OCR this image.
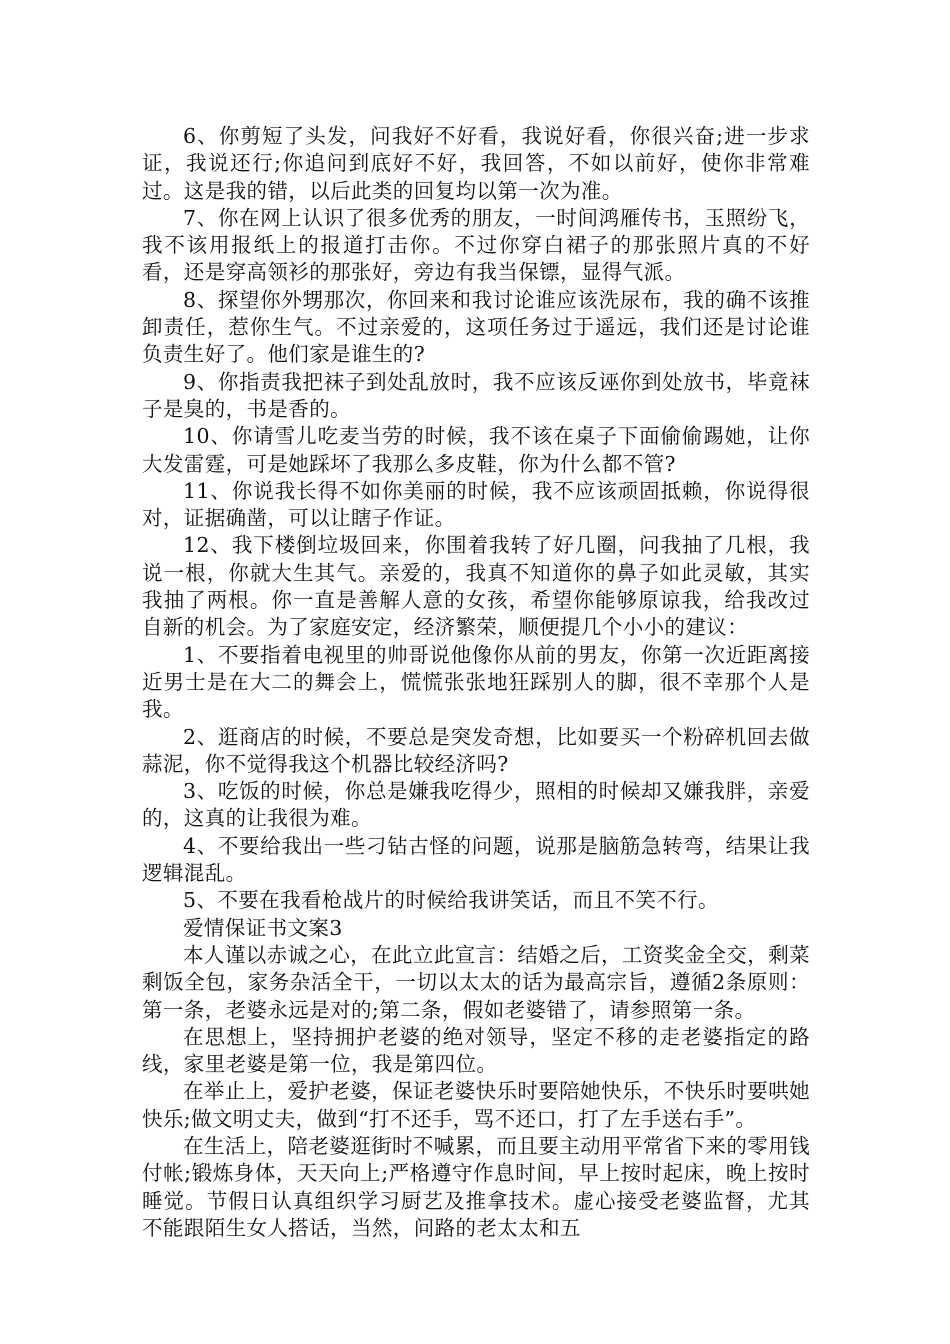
6、你剪短了头发，问我好不好看，我说好看，你很兴奋;进一步求证，我说还行;你追问到底好不好，我回答，不如以前好，使你非常难过。这是我的错，以后此类的回复均以第一次为准。

7、你在网上认识了很多优秀的朋友，一时间鸿雁传书，玉照纷飞，我不该用报纸上的报道打击你。不过你穿白裙子的那张照片真的不好看，还是穿高领衫的那张好，旁边有我当保镖，显得气派。

8、探望你外甥那次，你回来和我讨论谁应该洗尿布，我的确不该推卸责任，惹你生气。不过亲爱的，这项任务过于遥远，我们还是讨论谁负责生好了。他们家是谁生的?

9、你指责我把袜子到处乱放时，我不应该反诬你到处放书，毕竟袜子是臭的，书是香的。

10、你请雪儿吃麦当劳的时候，我不该在桌子下面偷偷踢她，让你大发雷霆，可是她踩坏了我那么多皮鞋，你为什么都不管?

11、你说我长得不如你美丽的时候，我不应该顽固抵赖，你说得很对，证据确凿，可以让瞎子作证。

12、我下楼倒垃圾回来，你围着我转了好几圈，问我抽了几根，我说一根，你就大生其气。亲爱的，我真不知道你的鼻子如此灵敏，其实我抽了两根。你一直是善解人意的女孩，希望你能够原谅我，给我改过自新的机会。为了家庭安定，经济繁荣，顺便提几个小小的建议：

1、不要指着电视里的帅哥说他像你从前的男友，你第一次近距离接近男士是在大二的舞会上，慌慌张张地狂踩别人的脚，很不幸那个人是我。

2、逛商店的时候，不要总是突发奇想，比如要买一个粉碎机回去做蒜泥，你不觉得我这个机器比较经济吗?

3、吃饭的时候，你总是嫌我吃得少，照相的时候却又嫌我胖，亲爱的，这真的让我很为难。

4、不要给我出一些刁钻古怪的问题，说那是脑筋急转弯，结果让我逻辑混乱。

5、不要在我看枪战片的时候给我讲笑话，而且不笑不行。

爱情保证书文案3

本人谨以赤诚之心，在此立此宣言：结婚之后，工资奖金全交，剩菜剩饭全包，家务杂活全干，一切以太太的话为最高宗旨，遵循2条原则：第一条，老婆永远是对的;第二条，假如老婆错了，请参照第一条。

在思想上，坚持拥护老婆的绝对领导，坚定不移的走老婆指定的路线，家里老婆是第一位，我是第四位。

在举止上，爱护老婆，保证老婆快乐时要陪她快乐，不快乐时要哄她快乐;做文明丈夫，做到“打不还手，骂不还口，打了左手送右手”。

在生活上，陪老婆逛街时不喊累，而且要主动用平常省下来的零用钱付帐;锻炼身体，天天向上;严格遵守作息时间，早上按时起床，晚上按时睡觉。节假日认真组织学习厨艺及推拿技术。虚心接受老婆监督，尤其不能跟陌生女人搭话，当然，问路的老太太和五
